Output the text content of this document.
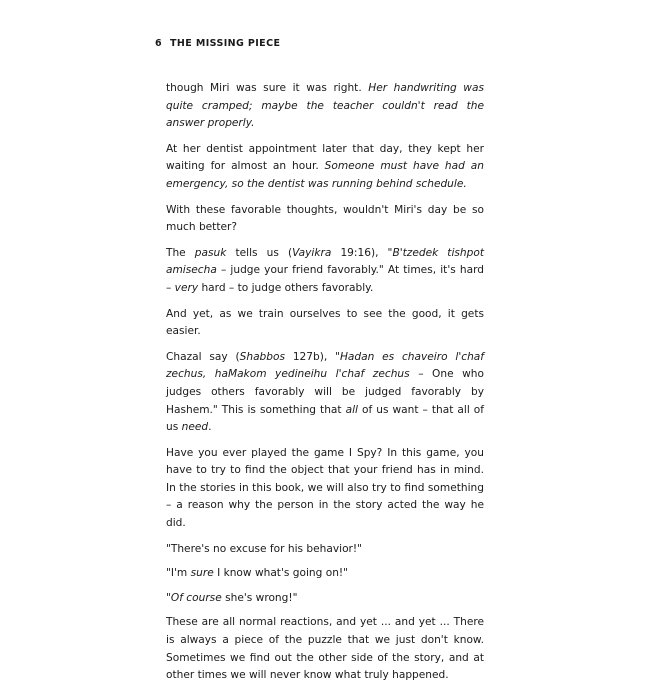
6 THE MISSING PIECE

though Miri was sure it was right. Her handwriting was quite cramped; maybe the teacher couldn't read the answer properly.

At her dentist appointment later that day, they kept her waiting for almost an hour. Someone must have had an emergency, so the dentist was running behind schedule.

With these favorable thoughts, wouldn't Miri's day be so much better?

The pasuk tells us (Vayikra 19:16), "B'tzedek tishpot amisecha – judge your friend favorably." At times, it's hard – very hard – to judge others favorably.

And yet, as we train ourselves to see the good, it gets easier.

Chazal say (Shabbos 127b), "Hadan es chaveiro l'chaf zechus, haMakom yedineihu l'chaf zechus – One who judges others favorably will be judged favorably by Hashem." This is something that all of us want – that all of us need.

Have you ever played the game I Spy? In this game, you have to try to find the object that your friend has in mind. In the stories in this book, we will also try to find something – a reason why the person in the story acted the way he did.

"There's no excuse for his behavior!"

"I'm sure I know what's going on!"

"Of course she's wrong!"

These are all normal reactions, and yet ... and yet ... There is always a piece of the puzzle that we just don't know. Sometimes we find out the other side of the story, and at other times we will never know what truly happened.
